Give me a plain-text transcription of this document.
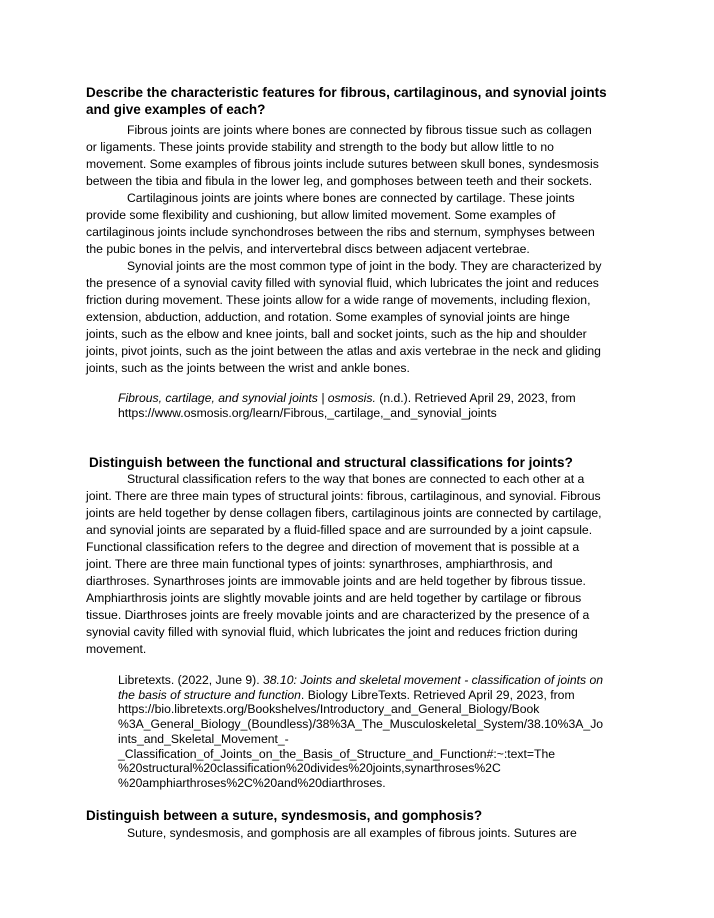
Describe the characteristic features for fibrous, cartilaginous, and synovial joints
and give examples of each?
Fibrous joints are joints where bones are connected by fibrous tissue such as collagen
or ligaments. These joints provide stability and strength to the body but allow little to no
movement. Some examples of fibrous joints include sutures between skull bones, syndesmosis
between the tibia and fibula in the lower leg, and gomphoses between teeth and their sockets.
Cartilaginous joints are joints where bones are connected by cartilage. These joints
provide some flexibility and cushioning, but allow limited movement. Some examples of
cartilaginous joints include synchondroses between the ribs and sternum, symphyses between
the pubic bones in the pelvis, and intervertebral discs between adjacent vertebrae.
Synovial joints are the most common type of joint in the body. They are characterized by
the presence of a synovial cavity filled with synovial fluid, which lubricates the joint and reduces
friction during movement. These joints allow for a wide range of movements, including flexion,
extension, abduction, adduction, and rotation. Some examples of synovial joints are hinge
joints, such as the elbow and knee joints, ball and socket joints, such as the hip and shoulder
joints, pivot joints, such as the joint between the atlas and axis vertebrae in the neck and gliding
joints, such as the joints between the wrist and ankle bones.
Fibrous, cartilage, and synovial joints | osmosis. (n.d.). Retrieved April 29, 2023, from
https://www.osmosis.org/learn/Fibrous,_cartilage,_and_synovial_joints
Distinguish between the functional and structural classifications for joints?
Structural classification refers to the way that bones are connected to each other at a
joint. There are three main types of structural joints: fibrous, cartilaginous, and synovial. Fibrous
joints are held together by dense collagen fibers, cartilaginous joints are connected by cartilage,
and synovial joints are separated by a fluid-filled space and are surrounded by a joint capsule.
Functional classification refers to the degree and direction of movement that is possible at a
joint. There are three main functional types of joints: synarthroses, amphiarthrosis, and
diarthroses. Synarthroses joints are immovable joints and are held together by fibrous tissue.
Amphiarthrosis joints are slightly movable joints and are held together by cartilage or fibrous
tissue. Diarthroses joints are freely movable joints and are characterized by the presence of a
synovial cavity filled with synovial fluid, which lubricates the joint and reduces friction during
movement.
Libretexts. (2022, June 9). 38.10: Joints and skeletal movement - classification of joints on
the basis of structure and function. Biology LibreTexts. Retrieved April 29, 2023, from
https://bio.libretexts.org/Bookshelves/Introductory_and_General_Biology/Book
%3A_General_Biology_(Boundless)/38%3A_The_Musculoskeletal_System/38.10%3A_Jo
ints_and_Skeletal_Movement_-
_Classification_of_Joints_on_the_Basis_of_Structure_and_Function#:~:text=The
%20structural%20classification%20divides%20joints,synarthroses%2C
%20amphiarthroses%2C%20and%20diarthroses.
Distinguish between a suture, syndesmosis, and gomphosis?
Suture, syndesmosis, and gomphosis are all examples of fibrous joints. Sutures are
